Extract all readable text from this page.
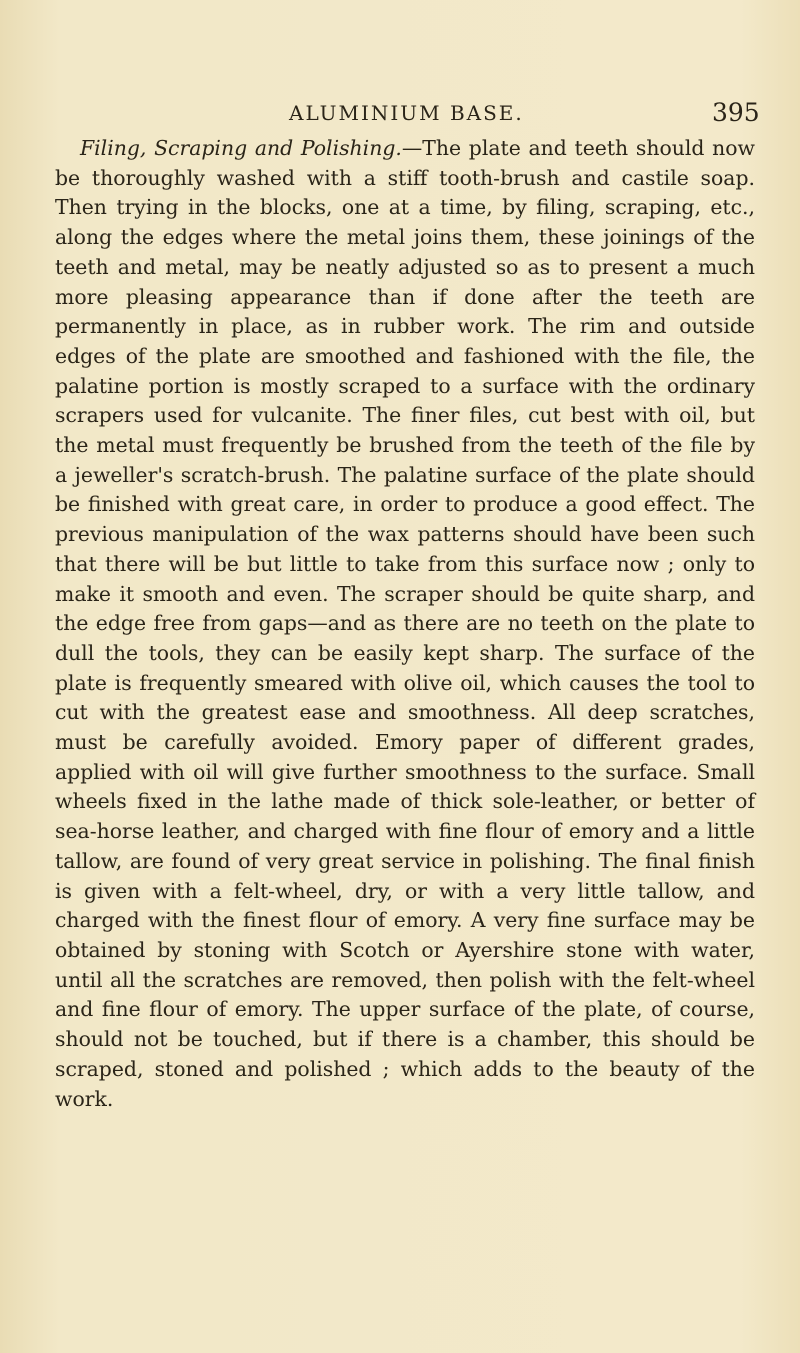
ALUMINIUM BASE.	395

Filing, Scraping and Polishing.—The plate and teeth should now be thoroughly washed with a stiff tooth-brush and castile soap. Then trying in the blocks, one at a time, by filing, scraping, etc., along the edges where the metal joins them, these joinings of the teeth and metal, may be neatly adjusted so as to present a much more pleasing appearance than if done after the teeth are permanently in place, as in rubber work. The rim and outside edges of the plate are smoothed and fashioned with the file, the palatine portion is mostly scraped to a surface with the ordinary scrapers used for vulcanite. The finer files, cut best with oil, but the metal must frequently be brushed from the teeth of the file by a jeweller's scratch-brush. The palatine surface of the plate should be finished with great care, in order to produce a good effect. The previous manipulation of the wax patterns should have been such that there will be but little to take from this surface now ; only to make it smooth and even. The scraper should be quite sharp, and the edge free from gaps—and as there are no teeth on the plate to dull the tools, they can be easily kept sharp. The surface of the plate is frequently smeared with olive oil, which causes the tool to cut with the greatest ease and smoothness. All deep scratches, must be carefully avoided. Emory paper of different grades, applied with oil will give further smoothness to the surface. Small wheels fixed in the lathe made of thick sole-leather, or better of sea-horse leather, and charged with fine flour of emory and a little tallow, are found of very great service in polishing. The final finish is given with a felt-wheel, dry, or with a very little tallow, and charged with the finest flour of emory. A very fine surface may be obtained by stoning with Scotch or Ayershire stone with water, until all the scratches are removed, then polish with the felt-wheel and fine flour of emory. The upper surface of the plate, of course, should not be touched, but if there is a chamber, this should be scraped, stoned and polished ; which adds to the beauty of the work.
